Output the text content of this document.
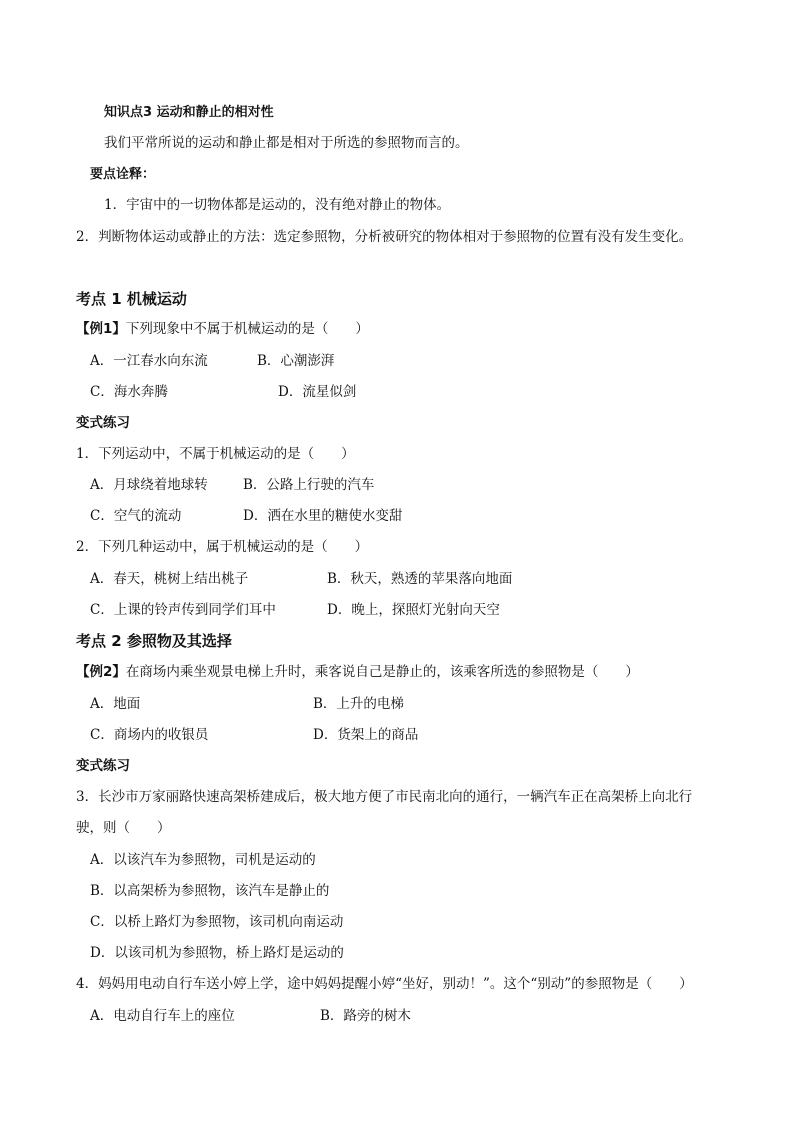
知识点3 运动和静止的相对性
我们平常所说的运动和静止都是相对于所选的参照物而言的。
要点诠释：
1．宇宙中的一切物体都是运动的，没有绝对静止的物体。
2．判断物体运动或静止的方法：选定参照物，分析被研究的物体相对于参照物的位置有没有发生变化。
考点 1 机械运动
【例1】下列现象中不属于机械运动的是（　　）
A．一江春水向东流	B．心潮澎湃
C．海水奔腾	D．流星似剑
变式练习
1．下列运动中，不属于机械运动的是（　　）
A．月球绕着地球转	B．公路上行驶的汽车
C．空气的流动	D．洒在水里的糖使水变甜
2．下列几种运动中，属于机械运动的是（　　）
A．春天，桃树上结出桃子	B．秋天，熟透的苹果落向地面
C．上课的铃声传到同学们耳中	D．晚上，探照灯光射向天空
考点 2 参照物及其选择
【例2】在商场内乘坐观景电梯上升时，乘客说自己是静止的，该乘客所选的参照物是（　　）
A．地面	B．上升的电梯
C．商场内的收银员	D．货架上的商品
变式练习
3．长沙市万家丽路快速高架桥建成后，极大地方便了市民南北向的通行，一辆汽车正在高架桥上向北行
驶，则（　　）
A．以该汽车为参照物，司机是运动的
B．以高架桥为参照物，该汽车是静止的
C．以桥上路灯为参照物，该司机向南运动
D．以该司机为参照物，桥上路灯是运动的
4．妈妈用电动自行车送小婷上学，途中妈妈提醒小婷“坐好，别动！”。这个“别动”的参照物是（　　）
A．电动自行车上的座位	B．路旁的树木
